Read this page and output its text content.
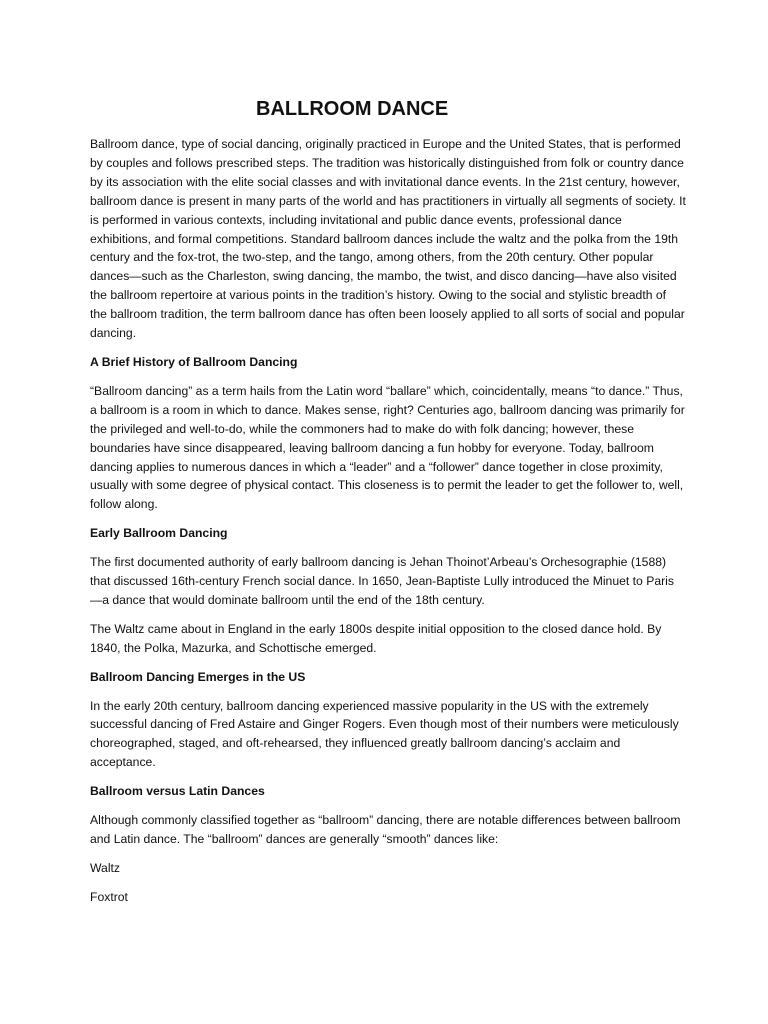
BALLROOM DANCE

Ballroom dance, type of social dancing, originally practiced in Europe and the United States, that is performed by couples and follows prescribed steps. The tradition was historically distinguished from folk or country dance by its association with the elite social classes and with invitational dance events. In the 21st century, however, ballroom dance is present in many parts of the world and has practitioners in virtually all segments of society. It is performed in various contexts, including invitational and public dance events, professional dance exhibitions, and formal competitions. Standard ballroom dances include the waltz and the polka from the 19th century and the fox-trot, the two-step, and the tango, among others, from the 20th century. Other popular dances—such as the Charleston, swing dancing, the mambo, the twist, and disco dancing—have also visited the ballroom repertoire at various points in the tradition’s history. Owing to the social and stylistic breadth of the ballroom tradition, the term ballroom dance has often been loosely applied to all sorts of social and popular dancing.

A Brief History of Ballroom Dancing

“Ballroom dancing” as a term hails from the Latin word “ballare” which, coincidentally, means “to dance.” Thus, a ballroom is a room in which to dance. Makes sense, right? Centuries ago, ballroom dancing was primarily for the privileged and well-to-do, while the commoners had to make do with folk dancing; however, these boundaries have since disappeared, leaving ballroom dancing a fun hobby for everyone. Today, ballroom dancing applies to numerous dances in which a “leader” and a “follower” dance together in close proximity, usually with some degree of physical contact. This closeness is to permit the leader to get the follower to, well, follow along.

Early Ballroom Dancing

The first documented authority of early ballroom dancing is Jehan Thoinot’Arbeau’s Orchesographie (1588) that discussed 16th-century French social dance. In 1650, Jean-Baptiste Lully introduced the Minuet to Paris—a dance that would dominate ballroom until the end of the 18th century.

The Waltz came about in England in the early 1800s despite initial opposition to the closed dance hold. By 1840, the Polka, Mazurka, and Schottische emerged.

Ballroom Dancing Emerges in the US

In the early 20th century, ballroom dancing experienced massive popularity in the US with the extremely successful dancing of Fred Astaire and Ginger Rogers. Even though most of their numbers were meticulously choreographed, staged, and oft-rehearsed, they influenced greatly ballroom dancing’s acclaim and acceptance.

Ballroom versus Latin Dances

Although commonly classified together as “ballroom” dancing, there are notable differences between ballroom and Latin dance. The “ballroom” dances are generally “smooth” dances like:

Waltz
Foxtrot
